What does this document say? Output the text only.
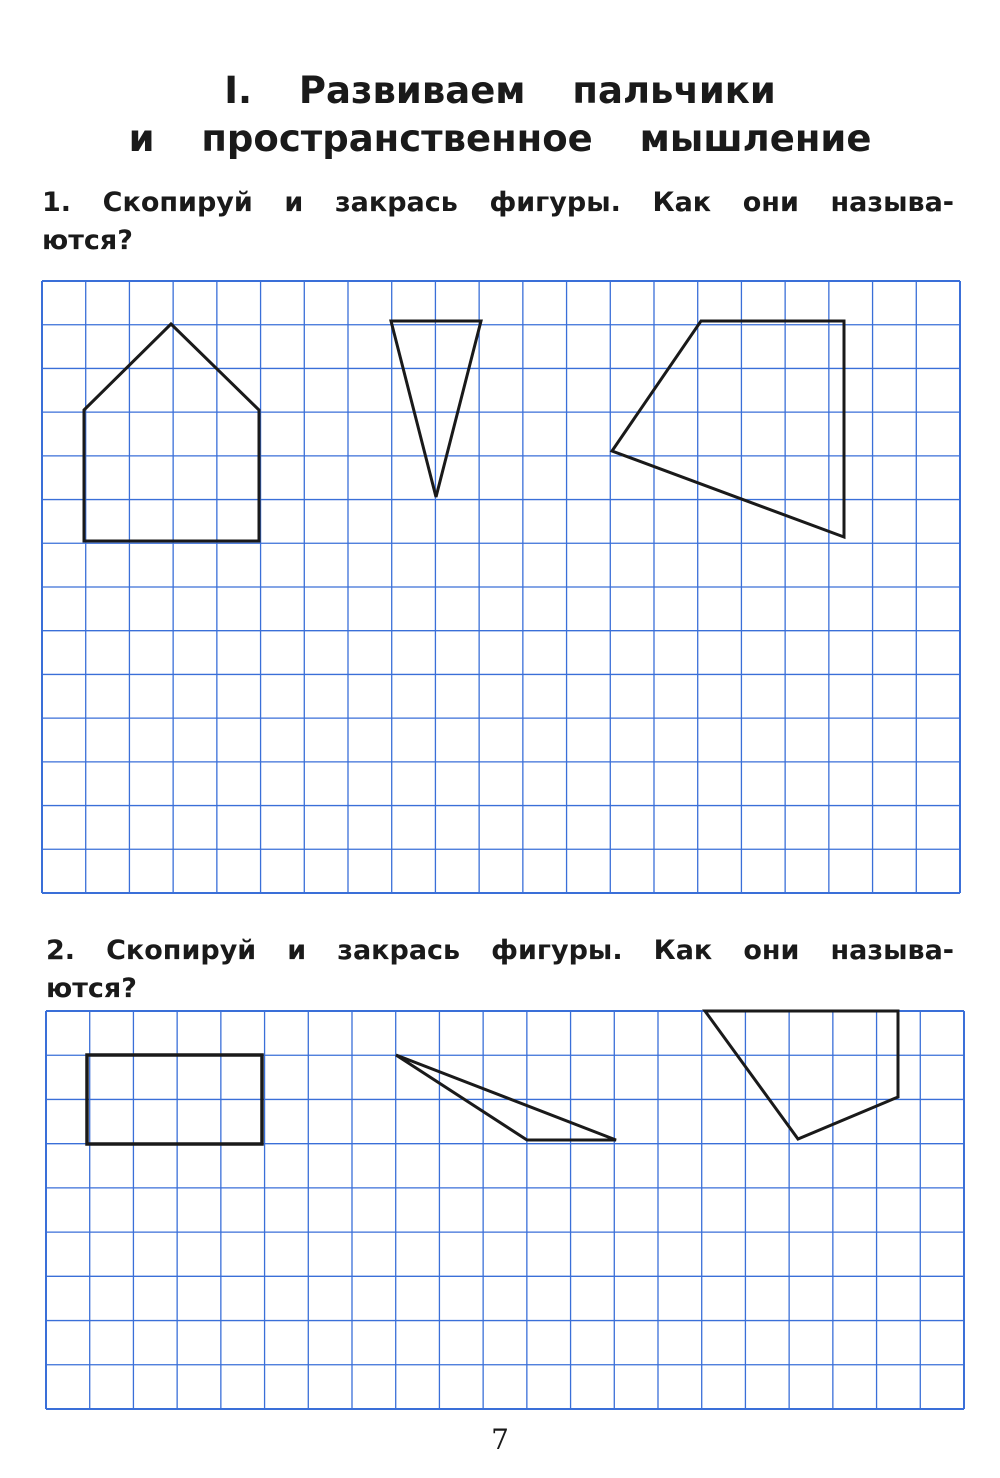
I. Развиваем пальчики
и пространственное мышление
1. Скопируй и закрась фигуры. Как они называ-
ются?
2. Скопируй и закрась фигуры. Как они называ-
ются?
7
